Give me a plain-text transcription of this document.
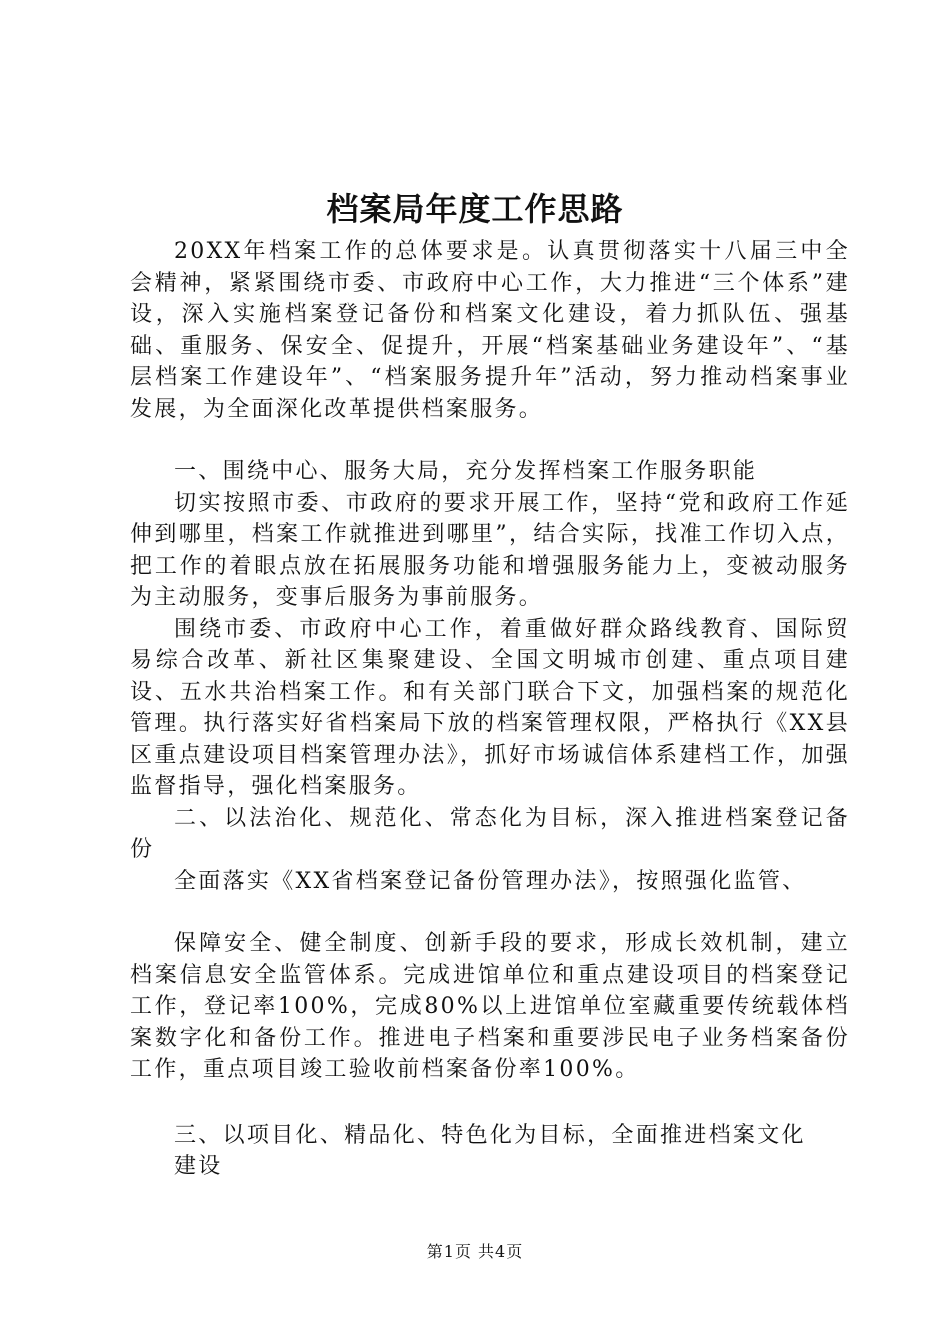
档案局年度工作思路

20XX年档案工作的总体要求是。认真贯彻落实十八届三中全会精神，紧紧围绕市委、市政府中心工作，大力推进“三个体系”建设，深入实施档案登记备份和档案文化建设，着力抓队伍、强基础、重服务、保安全、促提升，开展“档案基础业务建设年”、“基层档案工作建设年”、“档案服务提升年”活动，努力推动档案事业发展，为全面深化改革提供档案服务。

一、围绕中心、服务大局，充分发挥档案工作服务职能

切实按照市委、市政府的要求开展工作，坚持“党和政府工作延伸到哪里，档案工作就推进到哪里”，结合实际，找准工作切入点，把工作的着眼点放在拓展服务功能和增强服务能力上，变被动服务为主动服务，变事后服务为事前服务。

围绕市委、市政府中心工作，着重做好群众路线教育、国际贸易综合改革、新社区集聚建设、全国文明城市创建、重点项目建设、五水共治档案工作。和有关部门联合下文，加强档案的规范化管理。执行落实好省档案局下放的档案管理权限，严格执行《XX县区重点建设项目档案管理办法》，抓好市场诚信体系建档工作，加强监督指导，强化档案服务。

二、以法治化、规范化、常态化为目标，深入推进档案登记备份

全面落实《XX省档案登记备份管理办法》，按照强化监管、

保障安全、健全制度、创新手段的要求，形成长效机制，建立档案信息安全监管体系。完成进馆单位和重点建设项目的档案登记工作，登记率100%，完成80%以上进馆单位室藏重要传统载体档案数字化和备份工作。推进电子档案和重要涉民电子业务档案备份工作，重点项目竣工验收前档案备份率100%。

三、以项目化、精品化、特色化为目标，全面推进档案文化

建设

第1页 共4页
